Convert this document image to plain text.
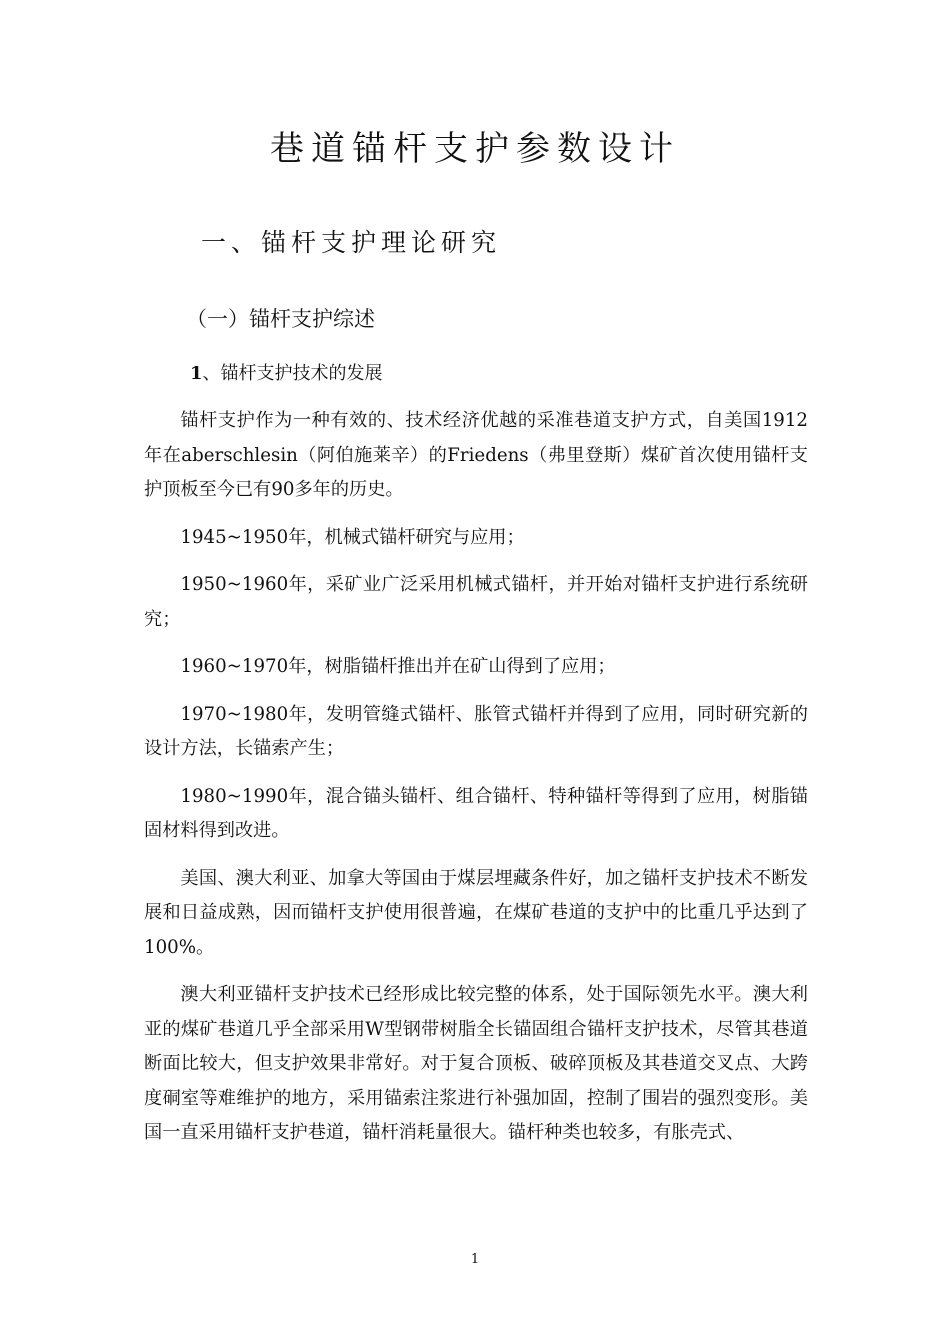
巷道锚杆支护参数设计
一、锚杆支护理论研究
（一）锚杆支护综述
1、锚杆支护技术的发展

锚杆支护作为一种有效的、技术经济优越的采准巷道支护方式，自美国1912年在aberschlesin（阿伯施莱辛）的Friedens（弗里登斯）煤矿首次使用锚杆支护顶板至今已有90多年的历史。

1945~1950年，机械式锚杆研究与应用；

1950~1960年，采矿业广泛采用机械式锚杆，并开始对锚杆支护进行系统研究；

1960~1970年，树脂锚杆推出并在矿山得到了应用；

1970~1980年，发明管缝式锚杆、胀管式锚杆并得到了应用，同时研究新的设计方法，长锚索产生；

1980~1990年，混合锚头锚杆、组合锚杆、特种锚杆等得到了应用，树脂锚固材料得到改进。

美国、澳大利亚、加拿大等国由于煤层埋藏条件好，加之锚杆支护技术不断发展和日益成熟，因而锚杆支护使用很普遍，在煤矿巷道的支护中的比重几乎达到了100%。

澳大利亚锚杆支护技术已经形成比较完整的体系，处于国际领先水平。澳大利亚的煤矿巷道几乎全部采用W型钢带树脂全长锚固组合锚杆支护技术，尽管其巷道断面比较大，但支护效果非常好。对于复合顶板、破碎顶板及其巷道交叉点、大跨度硐室等难维护的地方，采用锚索注浆进行补强加固，控制了围岩的强烈变形。美国一直采用锚杆支护巷道，锚杆消耗量很大。锚杆种类也较多，有胀壳式、

1
